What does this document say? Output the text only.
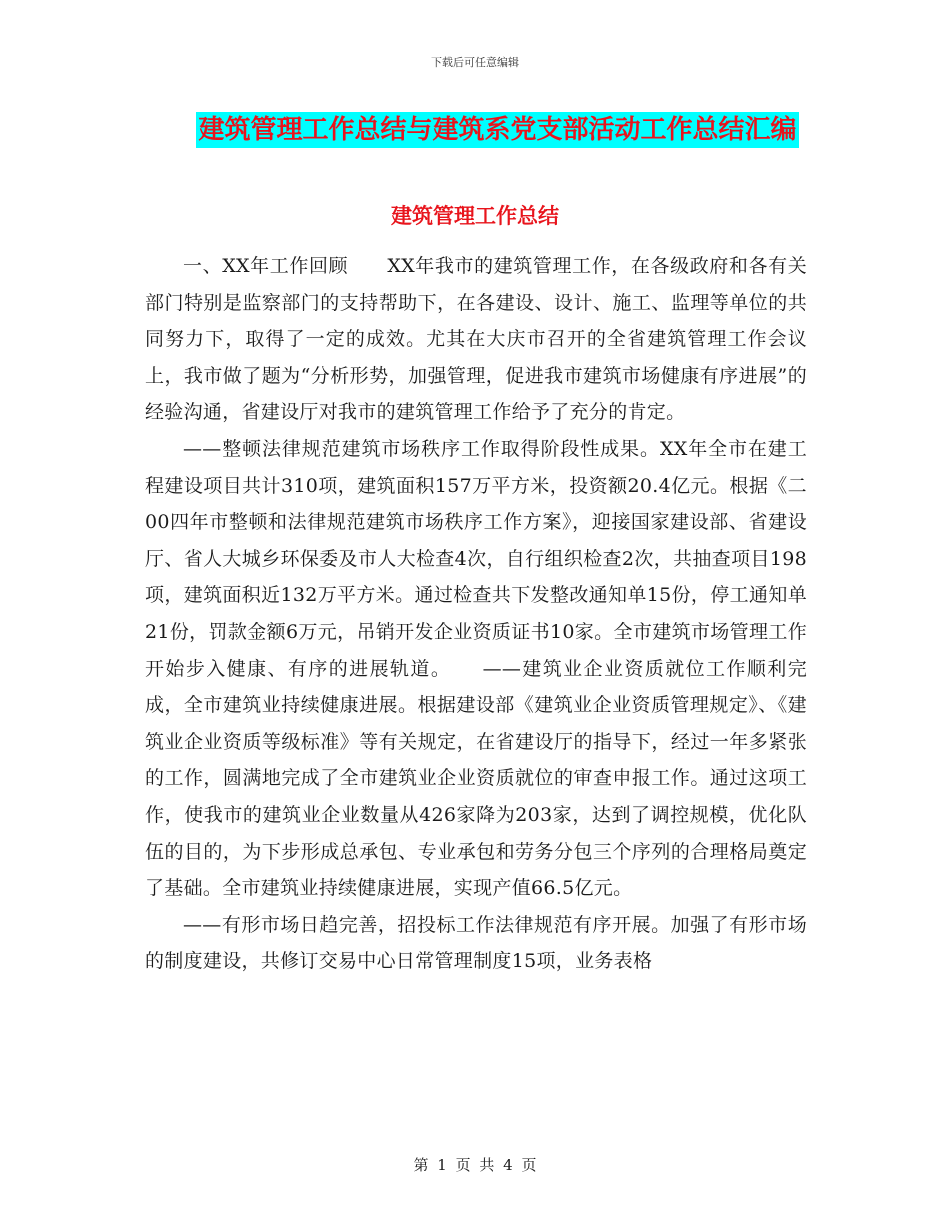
下载后可任意编辑
建筑管理工作总结与建筑系党支部活动工作总结汇编
建筑管理工作总结

一、XX年工作回顾　　XX年我市的建筑管理工作，在各级政府和各有关部门特别是监察部门的支持帮助下，在各建设、设计、施工、监理等单位的共同努力下，取得了一定的成效。尤其在大庆市召开的全省建筑管理工作会议上，我市做了题为“分析形势，加强管理，促进我市建筑市场健康有序进展”的经验沟通，省建设厅对我市的建筑管理工作给予了充分的肯定。

——整顿法律规范建筑市场秩序工作取得阶段性成果。XX年全市在建工程建设项目共计310项，建筑面积157万平方米，投资额20.4亿元。根据《二00四年市整顿和法律规范建筑市场秩序工作方案》，迎接国家建设部、省建设厅、省人大城乡环保委及市人大检查4次，自行组织检查2次，共抽查项目198项，建筑面积近132万平方米。通过检查共下发整改通知单15份，停工通知单21份，罚款金额6万元，吊销开发企业资质证书10家。全市建筑市场管理工作开始步入健康、有序的进展轨道。　　——建筑业企业资质就位工作顺利完成，全市建筑业持续健康进展。根据建设部《建筑业企业资质管理规定》、《建筑业企业资质等级标准》等有关规定，在省建设厅的指导下，经过一年多紧张的工作，圆满地完成了全市建筑业企业资质就位的审查申报工作。通过这项工作，使我市的建筑业企业数量从426家降为203家，达到了调控规模，优化队伍的目的，为下步形成总承包、专业承包和劳务分包三个序列的合理格局奠定了基础。全市建筑业持续健康进展，实现产值66.5亿元。

——有形市场日趋完善，招投标工作法律规范有序开展。加强了有形市场的制度建设，共修订交易中心日常管理制度15项，业务表格

第 1 页 共 4 页
